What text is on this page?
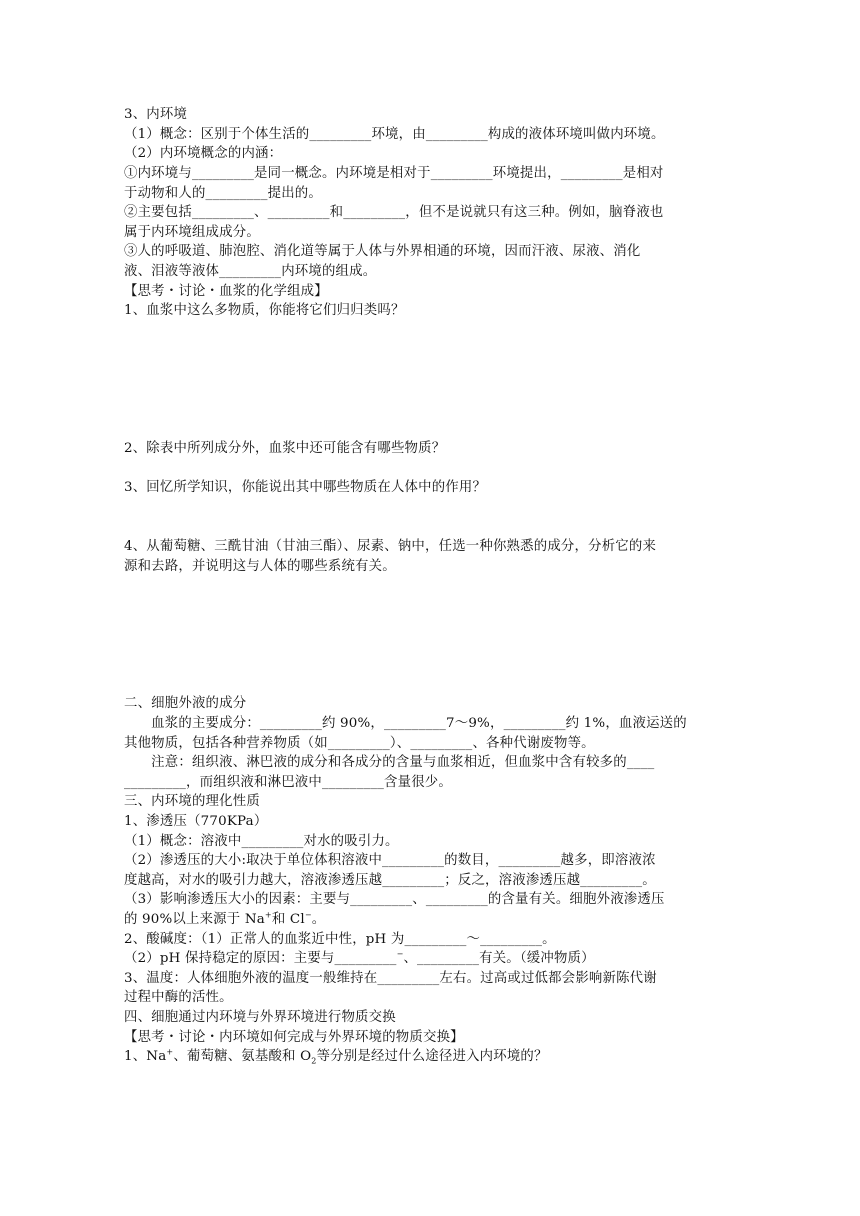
3、内环境
（1）概念：区别于个体生活的_________环境，由_________构成的液体环境叫做内环境。
（2）内环境概念的内涵：
①内环境与_________是同一概念。内环境是相对于_________环境提出，_________是相对
于动物和人的_________提出的。
②主要包括_________、_________和_________，但不是说就只有这三种。例如，脑脊液也
属于内环境组成成分。
③人的呼吸道、肺泡腔、消化道等属于人体与外界相通的环境，因而汗液、尿液、消化
液、泪液等液体_________内环境的组成。
【思考・讨论・血浆的化学组成】
1、血浆中这么多物质，你能将它们归归类吗？
2、除表中所列成分外，血浆中还可能含有哪些物质？
3、回忆所学知识，你能说出其中哪些物质在人体中的作用？
4、从葡萄糖、三酰甘油（甘油三酯）、尿素、钠中，任选一种你熟悉的成分，分析它的来
源和去路，并说明这与人体的哪些系统有关。
二、细胞外液的成分
　　血浆的主要成分：_________约 90%，_________7～9%，_________约 1%，血液运送的
其他物质，包括各种营养物质（如_________）、_________、各种代谢废物等。
　　注意：组织液、淋巴液的成分和各成分的含量与血浆相近，但血浆中含有较多的____
_________，而组织液和淋巴液中_________含量很少。
三、内环境的理化性质
1、渗透压（770KPa）
（1）概念：溶液中_________对水的吸引力。
（2）渗透压的大小:取决于单位体积溶液中_________的数目，_________越多，即溶液浓
度越高，对水的吸引力越大，溶液渗透压越_________；反之，溶液渗透压越_________。
（3）影响渗透压大小的因素：主要与_________、_________的含量有关。细胞外液渗透压
的 90%以上来源于 Na+和 Cl−。
2、酸碱度：（1）正常人的血浆近中性，pH 为_________～_________。
（2）pH 保持稳定的原因：主要与_________−、_________有关。（缓冲物质）
3、温度：人体细胞外液的温度一般维持在_________左右。过高或过低都会影响新陈代谢
过程中酶的活性。
四、细胞通过内环境与外界环境进行物质交换
【思考・讨论・内环境如何完成与外界环境的物质交换】
1、Na+、葡萄糖、氨基酸和 $O_2$等分别是经过什么途径进入内环境的？
